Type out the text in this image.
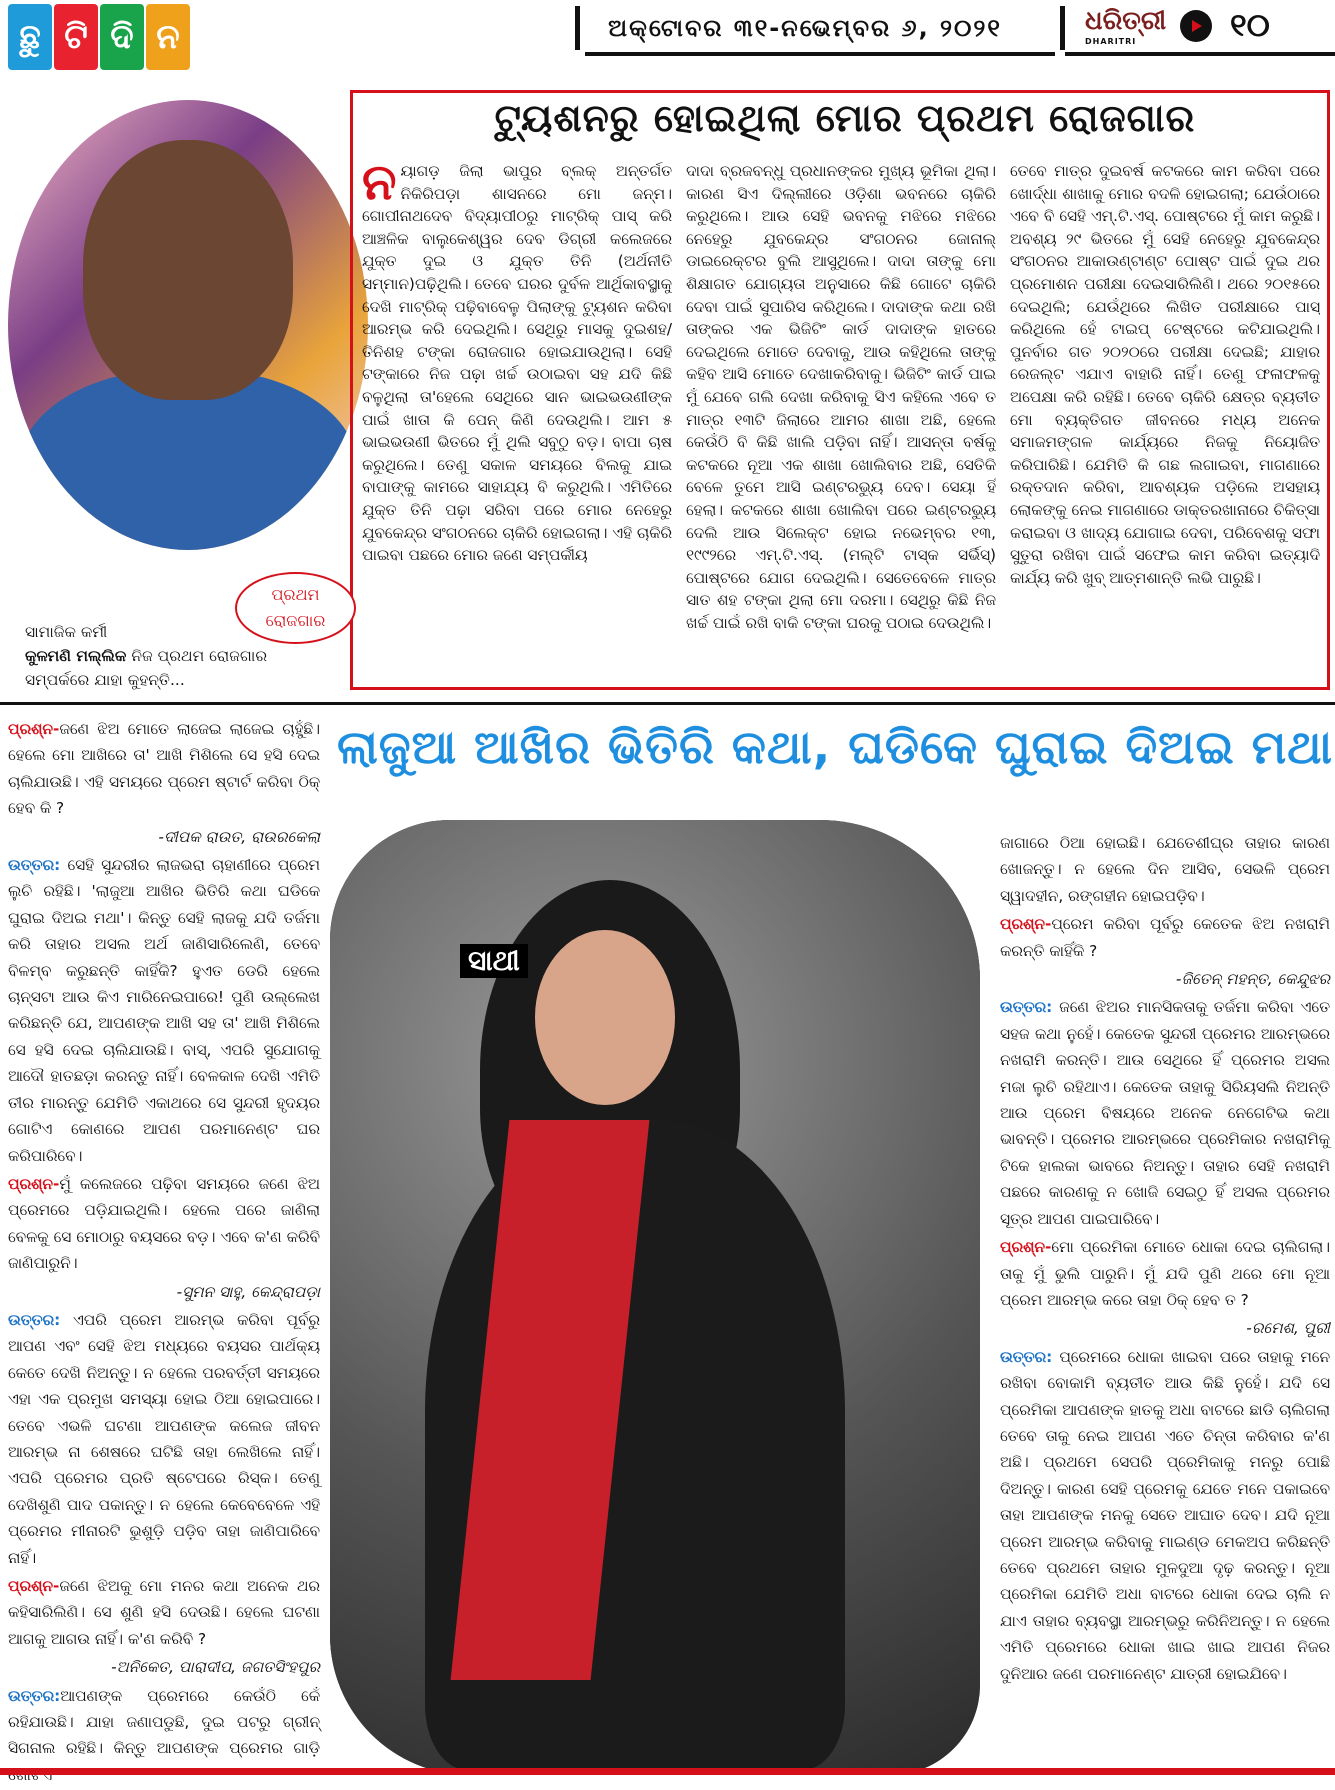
ଛୁ ଟି ଦି ନ	ଅକ୍ଟୋବର ୩୧-ନଭେମ୍ବର ୬, ୨୦୨୧	ଧରିତ୍ରୀ
DHARITRI	୧୦
ଟ୍ୟୁଶନରୁ ହୋଇଥିଲା ମୋର ପ୍ରଥମ ରୋଜଗାର
ନୟାଗଡ଼ ଜିଲା ଭାପୁର ବ୍ଲକ୍ ଅନ୍ତର୍ଗତ ନିକିରିପଡ଼ା ଶାସନରେ ମୋ ଜନ୍ମ। ଗୋପୀନାଥଦେବ ବିଦ୍ୟାପୀଠରୁ ମାଟ୍ରିକ୍ ପାସ୍ କରି ଆଞ୍ଚଳିକ ବାଲୁକେଶ୍ୱର ଦେବ ଡିଗ୍ରୀ କଲେଜରେ ଯୁକ୍ତ ଦୁଇ ଓ ଯୁକ୍ତ ତିନି (ଅର୍ଥନୀତି ସମ୍ମାନ)ପଢ଼ିଥିଲି। ତେବେ ଘରର ଦୁର୍ବଳ ଆର୍ଥିକାବସ୍ଥାକୁ ଦେଖି ମାଟ୍ରିକ୍ ପଢ଼ିବାବେଳୁ ପିଲାଙ୍କୁ ଟ୍ୟୁଶନ କରିବା ଆରମ୍ଭ କରି ଦେଇଥିଲି। ସେଥିରୁ ମାସକୁ ଦୁଇଶହ/ତିନିଶହ ଟଙ୍କା ରୋଜଗାର ହୋଇଯାଉଥିଲା। ସେହି ଟଙ୍କାରେ ନିଜ ପଢ଼ା ଖର୍ଚ୍ଚ ଉଠାଇବା ସହ ଯଦି କିଛି ବଳୁଥିଲା ତା'ହେଲେ ସେଥିରେ ସାନ ଭାଇଭଉଣୀଙ୍କ ପାଇଁ ଖାତା କି ପେନ୍ କିଣି ଦେଉଥିଲି। ଆମ ୫ ଭାଇଭଉଣୀ ଭିତରେ ମୁଁ ଥିଲି ସବୁଠୁ ବଡ଼। ବାପା ଚାଷ କରୁଥିଲେ। ତେଣୁ ସକାଳ ସମୟରେ ବିଲକୁ ଯାଇ ବାପାଙ୍କୁ କାମରେ ସାହାଯ୍ୟ ବି କରୁଥିଲି। ଏମିତିରେ ଯୁକ୍ତ ତିନି ପଢ଼ା ସରିବା ପରେ ମୋର ନେହେରୁ ଯୁବକେନ୍ଦ୍ର ସଂଗଠନରେ ଚାକିରି ହୋଇଗଲା। ଏହି ଚାକିରି ପାଇବା ପଛରେ ମୋର ଜଣେ ସମ୍ପର୍କୀୟ
ଦାଦା ବ୍ରଜବନ୍ଧୁ ପ୍ରଧାନଙ୍କର ମୁଖ୍ୟ ଭୂମିକା ଥିଲା। କାରଣ ସିଏ ଦିଲ୍ଲୀରେ ଓଡ଼ିଶା ଭବନରେ ଚାକିରି କରୁଥିଲେ। ଆଉ ସେହି ଭବନକୁ ମଝିରେ ମଝିରେ ନେହେରୁ ଯୁବକେନ୍ଦ୍ର ସଂଗଠନର ଜୋନାଲ୍ ଡାଇରେକ୍ଟର ବୁଲି ଆସୁଥିଲେ। ଦାଦା ତାଙ୍କୁ ମୋ ଶିକ୍ଷାଗତ ଯୋଗ୍ୟତା ଅନୁସାରେ କିଛି ଗୋଟେ ଚାକିରି ଦେବା ପାଇଁ ସୁପାରିସ କରିଥିଲେ। ଦାଦାଙ୍କ କଥା ରଖି ତାଙ୍କର ଏକ ଭିଜିଟିଂ କାର୍ଡ ଦାଦାଙ୍କ ହାତରେ ଦେଇଥିଲେ ମୋତେ ଦେବାକୁ, ଆଉ କହିଥିଲେ ତାଙ୍କୁ କହିବ ଆସି ମୋତେ ଦେଖାକରିବାକୁ। ଭିଜିଟିଂ କାର୍ଡ ପାଇ ମୁଁ ଯେବେ ଗଲି ଦେଖା କରିବାକୁ ସିଏ କହିଲେ ଏବେ ତ ମାତ୍ର ୧୩ଟି ଜିଲାରେ ଆମର ଶାଖା ଅଛି, ହେଲେ କେଉଁଠି ବି କିଛି ଖାଲି ପଡ଼ିବା ନାହିଁ। ଆସନ୍ତା ବର୍ଷକୁ କଟକରେ ନୂଆ ଏକ ଶାଖା ଖୋଲିବାର ଅଛି, ସେତିକି ବେଳେ ତୁମେ ଆସି ଇଣ୍ଟରଭ୍ୟୁ ଦେବ। ସେୟା ହିଁ ହେଲା। କଟକରେ ଶାଖା ଖୋଲିବା ପରେ ଇଣ୍ଟରଭ୍ୟୁ ଦେଲି ଆଉ ସିଲେକ୍ଟ ହୋଇ ନଭେମ୍ବର ୧୩, ୧୯୯୨ରେ ଏମ୍.ଟି.ଏସ୍. (ମଲ୍ଟି ଟାସ୍କ ସର୍ଭିସ୍) ପୋଷ୍ଟରେ ଯୋଗ ଦେଇଥିଲି। ସେତେବେଳେ ମାତ୍ର ସାତ ଶହ ଟଙ୍କା ଥିଲା ମୋ ଦରମା। ସେଥିରୁ କିଛି ନିଜ ଖର୍ଚ୍ଚ ପାଇଁ ରଖି ବାକି ଟଙ୍କା ଘରକୁ ପଠାଇ ଦେଉଥିଲି।
ତେବେ ମାତ୍ର ଦୁଇବର୍ଷ କଟକରେ କାମ କରିବା ପରେ ଖୋର୍ଦ୍ଧା ଶାଖାକୁ ମୋର ବଦଳି ହୋଇଗଲା; ଯେଉଁଠାରେ ଏବେ ବି ସେହି ଏମ୍.ଟି.ଏସ୍. ପୋଷ୍ଟରେ ମୁଁ କାମ କରୁଛି। ଅବଶ୍ୟ ୨୯ ଭିତରେ ମୁଁ ସେହି ନେହେରୁ ଯୁବକେନ୍ଦ୍ର ସଂଗଠନର ଆକାଉଣ୍ଟାଣ୍ଟ ପୋଷ୍ଟ ପାଇଁ ଦୁଇ ଥର ପ୍ରମୋଶନ ପରୀକ୍ଷା ଦେଇସାରିଲିଣି। ଥରେ ୨୦୧୫ରେ ଦେଇଥିଲି; ଯେଉଁଥିରେ ଲିଖିତ ପରୀକ୍ଷାରେ ପାସ୍ କରିଥିଲେ ହେଁ ଟାଇପ୍ ଟେଷ୍ଟରେ କଟିଯାଇଥିଲି। ପୁନର୍ବାର ଗତ ୨୦୨୦ରେ ପରୀକ୍ଷା ଦେଇଛି; ଯାହାର ରେଜଲ୍ଟ ଏଯାଏ ବାହାରି ନାହିଁ। ତେଣୁ ଫଳାଫଳକୁ ଅପେକ୍ଷା କରି ରହିଛି। ତେବେ ଚାକିରି କ୍ଷେତ୍ର ବ୍ୟତୀତ ମୋ ବ୍ୟକ୍ତିଗତ ଜୀବନରେ ମଧ୍ୟ ଅନେକ ସମାଜମଙ୍ଗଳ କାର୍ଯ୍ୟରେ ନିଜକୁ ନିୟୋଜିତ କରିପାରିଛି। ଯେମିତି କି ଗଛ ଲଗାଇବା, ମାଗଣାରେ ରକ୍ତଦାନ କରିବା, ଆବଶ୍ୟକ ପଡ଼ିଲେ ଅସହାୟ ଲୋକଙ୍କୁ ନେଇ ମାଗଣାରେ ଡାକ୍ତରଖାନାରେ ଚିକିତ୍ସା କରାଇବା ଓ ଖାଦ୍ୟ ଯୋଗାଇ ଦେବା, ପରିବେଶକୁ ସଫା ସୁତୁରା ରଖିବା ପାଇଁ ସଫେଇ କାମ କରିବା ଇତ୍ୟାଦି କାର୍ଯ୍ୟ କରି ଖୁବ୍ ଆତ୍ମଶାନ୍ତି ଲଭି ପାରୁଛି।
ପ୍ରଥମ ରୋଜଗାର
ସାମାଜିକ କର୍ମୀ
କୁଳମଣି ମଲ୍ଲିକ ନିଜ ପ୍ରଥମ ରୋଜଗାର ସମ୍ପର୍କରେ ଯାହା କୁହନ୍ତି...
ଲାଜୁଆ ଆଖିର ଭିତିରି କଥା, ଘଡିକେ ଘୁରାଇ ଦିଅଇ ମଥା
ସାଥୀ

ପ୍ରଶ୍ନ-ଜଣେ ଝିଅ ମୋତେ ଲାଜେଇ ଲାଜେଇ ଚାହୁଁଛି। ହେଲେ ମୋ ଆଖିରେ ତା' ଆଖି ମିଶିଲେ ସେ ହସି ଦେଇ ଚାଲିଯାଉଛି। ଏହି ସମୟରେ ପ୍ରେମ ଷ୍ଟାର୍ଟ କରିବା ଠିକ୍ ହେବ କି ?

-ଦୀପକ ରାଉତ, ରାଉରକେଲା

ଉତ୍ତର: ସେହି ସୁନ୍ଦରୀର ଲାଜଭରା ଚାହାଣୀରେ ପ୍ରେମ ଲୁଚି ରହିଛି। 'ଲାଜୁଆ ଆଖିର ଭିତିରି କଥା ଘଡିକେ ଘୁରାଇ ଦିଅଇ ମଥା'। କିନ୍ତୁ ସେହି ଲାଜକୁ ଯଦି ତର୍ଜମା କରି ତାହାର ଅସଲ ଅର୍ଥ ଜାଣିସାରିଲେଣି, ତେବେ ବିଳମ୍ବ କରୁଛନ୍ତି କାହିଁକି? ହୁଏତ ଡେରି ହେଲେ ଚାନ୍ସଟା ଆଉ କିଏ ମାରିନେଇପାରେ! ପୁଣି ଉଲ୍ଲେଖ କରିଛନ୍ତି ଯେ, ଆପଣଙ୍କ ଆଖି ସହ ତା' ଆଖି ମିଶିଲେ ସେ ହସି ଦେଇ ଚାଲିଯାଉଛି। ବାସ୍, ଏପରି ସୁଯୋଗକୁ ଆଦୌ ହାତଛଡ଼ା କରନ୍ତୁ ନାହିଁ। ବେଳକାଳ ଦେଖି ଏମିତି ତୀର ମାରନ୍ତୁ ଯେମିତି ଏକାଥରେ ସେ ସୁନ୍ଦରୀ ହୃଦୟର ଗୋଟିଏ କୋଣରେ ଆପଣ ପରମାନେଣ୍ଟ ଘର କରିପାରିବେ।

ପ୍ରଶ୍ନ-ମୁଁ କଲେଜରେ ପଢ଼ିବା ସମୟରେ ଜଣେ ଝିଅ ପ୍ରେମରେ ପଡ଼ିଯାଇଥିଲି। ହେଲେ ପରେ ଜାଣିଲା ବେଳକୁ ସେ ମୋଠାରୁ ବୟସରେ ବଡ଼। ଏବେ କ'ଣ କରିବି ଜାଣିପାରୁନି।

-ସୁମନ ସାହୁ, କେନ୍ଦ୍ରାପଡ଼ା

ଉତ୍ତର: ଏପରି ପ୍ରେମ ଆରମ୍ଭ କରିବା ପୂର୍ବରୁ ଆପଣ ଏବଂ ସେହି ଝିଅ ମଧ୍ୟରେ ବୟସର ପାର୍ଥକ୍ୟ କେତେ ଦେଖି ନିଅନ୍ତୁ। ନ ହେଲେ ପରବର୍ତ୍ତୀ ସମୟରେ ଏହା ଏକ ପ୍ରମୁଖ ସମସ୍ୟା ହୋଇ ଠିଆ ହୋଇପାରେ। ତେବେ ଏଭଳି ଘଟଣା ଆପଣଙ୍କ କଲେଜ ଜୀବନ ଆରମ୍ଭ ନା ଶେଷରେ ଘଟିଛି ତାହା ଲେଖିଲେ ନାହିଁ। ଏପରି ପ୍ରେମର ପ୍ରତି ଷ୍ଟେପରେ ରିସ୍କ। ତେଣୁ ଦେଖିଶୁଣି ପାଦ ପକାନ୍ତୁ। ନ ହେଲେ କେବେବେଳେ ଏହି ପ୍ରେମର ମୀନାରଟି ଭୁଶୁଡ଼ି ପଡ଼ିବ ତାହା ଜାଣିପାରିବେ ନାହିଁ।

ପ୍ରଶ୍ନ-ଜଣେ ଝିଅକୁ ମୋ ମନର କଥା ଅନେକ ଥର କହିସାରିଲିଣି। ସେ ଶୁଣି ହସି ଦେଉଛି। ହେଲେ ଘଟଣା ଆଗକୁ ଆଗଉ ନାହିଁ। କ'ଣ କରିବି ?

-ଅନିକେତ, ପାରାଦୀପ, ଜଗତସିଂହପୁର

ଉତ୍ତର:ଆପଣଙ୍କ ପ୍ରେମରେ କେଉଁଠି କେଁ ରହିଯାଉଛି। ଯାହା ଜଣାପଡୁଛି, ଦୁଇ ପଟରୁ ଗ୍ରୀନ୍ ସିଗନାଲ ରହିଛି। କିନ୍ତୁ ଆପଣଙ୍କ ପ୍ରେମର ଗାଡ଼ି

ଜାଗାରେ ଠିଆ ହୋଇଛି। ଯେତେଶୀଘ୍ର ତାହାର କାରଣ ଖୋଜନ୍ତୁ। ନ ହେଲେ ଦିନ ଆସିବ, ସେଭଳି ପ୍ରେମ ସ୍ୱାଦହୀନ, ରଙ୍ଗହୀନ ହୋଇପଡ଼ିବ।

ପ୍ରଶ୍ନ-ପ୍ରେମ କରିବା ପୂର୍ବରୁ କେତେକ ଝିଅ ନଖରାମି କରନ୍ତି କାହିଁକି ?

-ଜିତେନ୍ ମହନ୍ତ, କେନ୍ଦୁଝର

ଉତ୍ତର: ଜଣେ ଝିଅର ମାନସିକତାକୁ ତର୍ଜମା କରିବା ଏତେ ସହଜ କଥା ନୁହେଁ। କେତେକ ସୁନ୍ଦରୀ ପ୍ରେମର ଆରମ୍ଭରେ ନଖରାମି କରନ୍ତି। ଆଉ ସେଥିରେ ହିଁ ପ୍ରେମର ଅସଲ ମଜା ଲୁଚି ରହିଥାଏ। କେତେକ ତାହାକୁ ସିରିୟସଲି ନିଅନ୍ତି ଆଉ ପ୍ରେମ ବିଷୟରେ ଅନେକ ନେଗେଟିଭ କଥା ଭାବନ୍ତି। ପ୍ରେମର ଆରମ୍ଭରେ ପ୍ରେମିକାର ନଖରାମିକୁ ଟିକେ ହାଲକା ଭାବରେ ନିଅନ୍ତୁ। ତାହାର ସେହି ନଖରାମି ପଛରେ କାରଣକୁ ନ ଖୋଜି ସେଇଠୁ ହିଁ ଅସଲ ପ୍ରେମର ସୂତ୍ର ଆପଣ ପାଇପାରିବେ।

ପ୍ରଶ୍ନ-ମୋ ପ୍ରେମିକା ମୋତେ ଧୋକା ଦେଇ ଚାଲିଗଲା। ତାକୁ ମୁଁ ଭୁଲି ପାରୁନି। ମୁଁ ଯଦି ପୁଣି ଥରେ ମୋ ନୂଆ ପ୍ରେମ ଆରମ୍ଭ କରେ ତାହା ଠିକ୍ ହେବ ତ ?

-ରମେଶ, ପୁରୀ

ଉତ୍ତର: ପ୍ରେମରେ ଧୋକା ଖାଇବା ପରେ ତାହାକୁ ମନେ ରଖିବା ବୋକାମି ବ୍ୟତୀତ ଆଉ କିଛି ନୁହେଁ। ଯଦି ସେ ପ୍ରେମିକା ଆପଣଙ୍କ ହାତକୁ ଅଧା ବାଟରେ ଛାଡି ଚାଲିଗଲା ତେବେ ତାକୁ ନେଇ ଆପଣ ଏତେ ଚିନ୍ତା କରିବାର କ'ଣ ଅଛି। ପ୍ରଥମେ ସେପରି ପ୍ରେମିକାକୁ ମନରୁ ପୋଛି ଦିଅନ୍ତୁ। କାରଣ ସେହି ପ୍ରେମକୁ ଯେତେ ମନେ ପକାଇବେ ତାହା ଆପଣଙ୍କ ମନକୁ ସେତେ ଆଘାତ ଦେବ। ଯଦି ନୂଆ ପ୍ରେମ ଆରମ୍ଭ କରିବାକୁ ମାଇଣ୍ଡ ମେକଅପ କରିଛନ୍ତି ତେବେ ପ୍ରଥମେ ତାହାର ମୁଳଦୁଆ ଦୃଢ଼ କରନ୍ତୁ। ନୂଆ ପ୍ରେମିକା ଯେମିତି ଅଧା ବାଟରେ ଧୋକା ଦେଇ ଚାଲି ନ ଯାଏ ତାହାର ବ୍ୟବସ୍ଥା ଆରମ୍ଭରୁ କରିନିଅନ୍ତୁ। ନ ହେଲେ ଏମିତି ପ୍ରେମରେ ଧୋକା ଖାଇ ଖାଇ ଆପଣ ନିଜର ଦୁନିଆର ଜଣେ ପରମାନେଣ୍ଟ ଯାତ୍ରୀ ହୋଇଯିବେ।
